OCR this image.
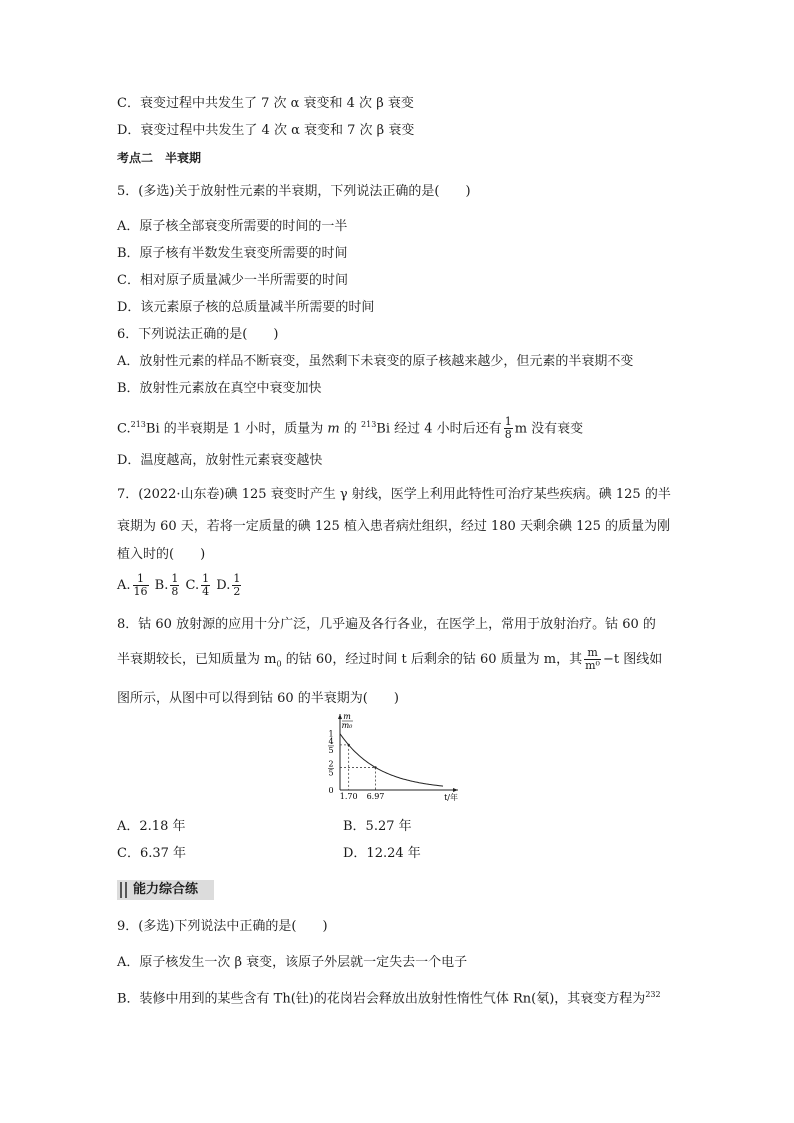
C．衰变过程中共发生了 7 次 α 衰变和 4 次 β 衰变
D．衰变过程中共发生了 4 次 α 衰变和 7 次 β 衰变
考点二　半衰期
5．(多选)关于放射性元素的半衰期，下列说法正确的是(　　)
A．原子核全部衰变所需要的时间的一半
B．原子核有半数发生衰变所需要的时间
C．相对原子质量减少一半所需要的时间
D．该元素原子核的总质量减半所需要的时间
6．下列说法正确的是(　　)
A．放射性元素的样品不断衰变，虽然剩下未衰变的原子核越来越少，但元素的半衰期不变
B．放射性元素放在真空中衰变加快
C.$^{213}$Bi 的半衰期是 1 小时，质量为 m 的 $^{213}$Bi 经过 4 小时后还有 $\frac{1}{8}$ m 没有衰变
D．温度越高，放射性元素衰变越快
7．(2022·山东卷)碘 125 衰变时产生 γ 射线，医学上利用此特性可治疗某些疾病。碘 125 的半
衰期为 60 天，若将一定质量的碘 125 植入患者病灶组织，经过 180 天剩余碘 125 的质量为刚
植入时的(　　)
A. $\frac{1}{16} B$. $\frac{1}{8} C$. $\frac{1}{4} D$. $\frac{1}{2}$
8．钴 60 放射源的应用十分广泛，几乎遍及各行各业，在医学上，常用于放射治疗。钴 60 的
半衰期较长，已知质量为 $m_0$ 的钴 60，经过时间 t 后剩余的钴 60 质量为 m，其 $\frac{m}{\text{m⁰}} -t$ 图线如
图所示，从图中可以得到钴 60 的半衰期为(　　)
1
4
5
2
5
0
1.70 6.97
m
m₀
t/年
A．2.18 年	B．5.27 年
C．6.37 年	D．12.24 年
能力综合练
9．(多选)下列说法中正确的是(　　)
A．原子核发生一次 β 衰变，该原子外层就一定失去一个电子
B．装修中用到的某些含有 Th(钍)的花岗岩会释放出放射性惰性气体 Rn(氡)，其衰变方程为$^{232}$
